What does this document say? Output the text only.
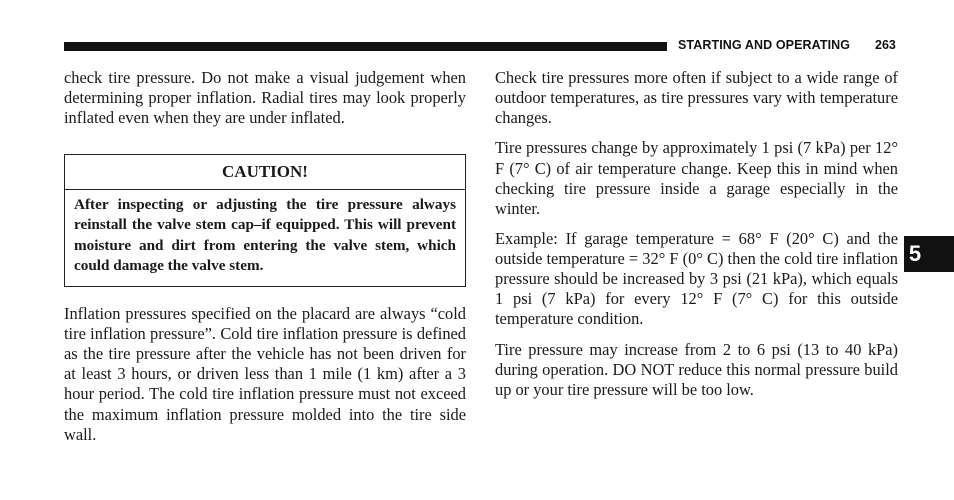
STARTING AND OPERATING 263

check tire pressure. Do not make a visual judgement when determining proper inflation. Radial tires may look properly inflated even when they are under inflated.

CAUTION!
After inspecting or adjusting the tire pressure always reinstall the valve stem cap–if equipped. This will prevent moisture and dirt from entering the valve stem, which could damage the valve stem.

Inflation pressures specified on the placard are always “cold tire inflation pressure”. Cold tire inflation pressure is defined as the tire pressure after the vehicle has not been driven for at least 3 hours, or driven less than 1 mile (1 km) after a 3 hour period. The cold tire inflation pressure must not exceed the maximum inflation pressure molded into the tire side wall.

Check tire pressures more often if subject to a wide range of outdoor temperatures, as tire pressures vary with temperature changes.

Tire pressures change by approximately 1 psi (7 kPa) per 12° F (7° C) of air temperature change. Keep this in mind when checking tire pressure inside a garage especially in the winter.

Example: If garage temperature = 68° F (20° C) and the outside temperature = 32° F (0° C) then the cold tire inflation pressure should be increased by 3 psi (21 kPa), which equals 1 psi (7 kPa) for every 12° F (7° C) for this outside temperature condition.

Tire pressure may increase from 2 to 6 psi (13 to 40 kPa) during operation. DO NOT reduce this normal pressure build up or your tire pressure will be too low.

5
